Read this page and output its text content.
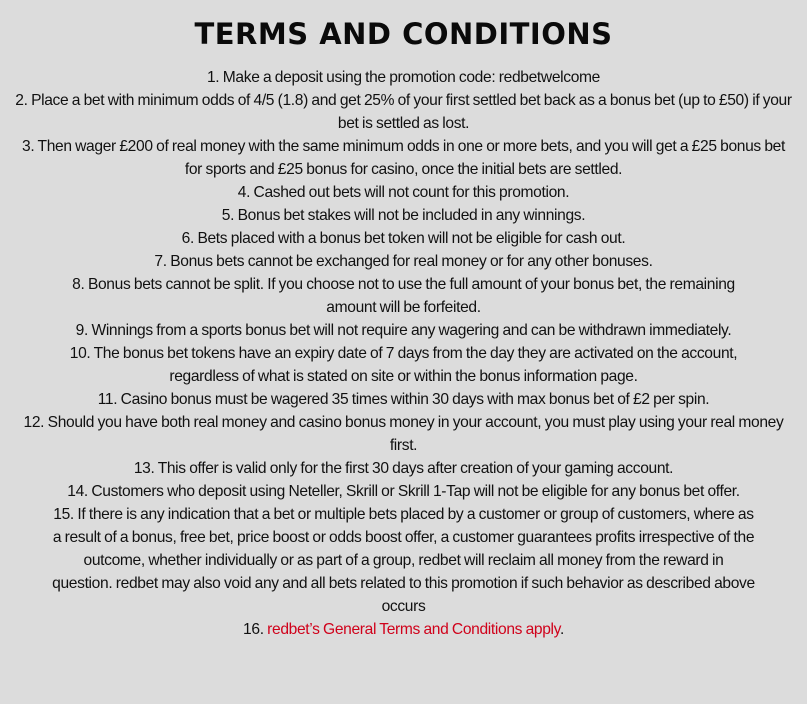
TERMS AND CONDITIONS
1. Make a deposit using the promotion code: redbetwelcome
2. Place a bet with minimum odds of 4/5 (1.8) and get 25% of your first settled bet back as a bonus bet (up to £50) if your bet is settled as lost.
3. Then wager £200 of real money with the same minimum odds in one or more bets, and you will get a £25 bonus bet for sports and £25 bonus for casino, once the initial bets are settled.
4. Cashed out bets will not count for this promotion.
5. Bonus bet stakes will not be included in any winnings.
6. Bets placed with a bonus bet token will not be eligible for cash out.
7. Bonus bets cannot be exchanged for real money or for any other bonuses.
8. Bonus bets cannot be split. If you choose not to use the full amount of your bonus bet, the remaining amount will be forfeited.
9. Winnings from a sports bonus bet will not require any wagering and can be withdrawn immediately.
10. The bonus bet tokens have an expiry date of 7 days from the day they are activated on the account, regardless of what is stated on site or within the bonus information page.
11. Casino bonus must be wagered 35 times within 30 days with max bonus bet of £2 per spin.
12. Should you have both real money and casino bonus money in your account, you must play using your real money first.
13. This offer is valid only for the first 30 days after creation of your gaming account.
14. Customers who deposit using Neteller, Skrill or Skrill 1-Tap will not be eligible for any bonus bet offer.
15. If there is any indication that a bet or multiple bets placed by a customer or group of customers, where as a result of a bonus, free bet, price boost or odds boost offer, a customer guarantees profits irrespective of the outcome, whether individually or as part of a group, redbet will reclaim all money from the reward in question. redbet may also void any and all bets related to this promotion if such behavior as described above occurs
16. redbet’s General Terms and Conditions apply.
